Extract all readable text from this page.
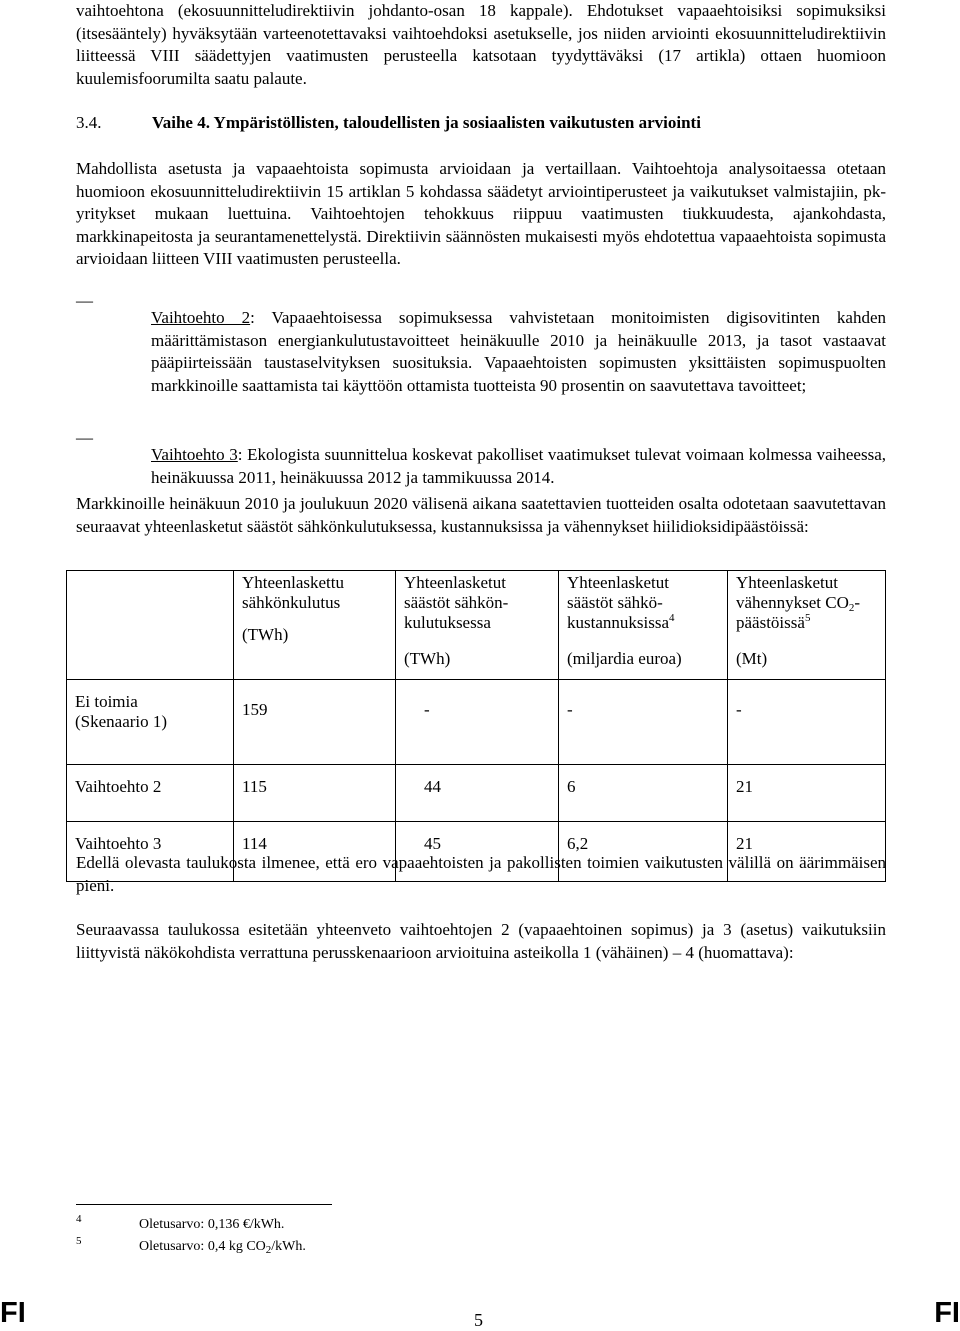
vaihtoehtona (ekosuunnitteludirektiivin johdanto-osan 18 kappale). Ehdotukset vapaaehtoisiksi sopimuksiksi (itsesääntely) hyväksytään varteenotettavaksi vaihtoehdoksi asetukselle, jos niiden arviointi ekosuunnitteludirektiivin liitteessä VIII säädettyjen vaatimusten perusteella katsotaan tyydyttäväksi (17 artikla) ottaen huomioon kuulemisfoorumilta saatu palaute.

3.4.	Vaihe 4. Ympäristöllisten, taloudellisten ja sosiaalisten vaikutusten arviointi

Mahdollista asetusta ja vapaaehtoista sopimusta arvioidaan ja vertaillaan. Vaihtoehtoja analysoitaessa otetaan huomioon ekosuunnitteludirektiivin 15 artiklan 5 kohdassa säädetyt arviointiperusteet ja vaikutukset valmistajiin, pk-yritykset mukaan luettuina. Vaihtoehtojen tehokkuus riippuu vaatimusten tiukkuudesta, ajankohdasta, markkinapeitosta ja seurantamenettelystä. Direktiivin säännösten mukaisesti myös ehdotettua vapaaehtoista sopimusta arvioidaan liitteen VIII vaatimusten perusteella.

—

Vaihtoehto 2: Vapaaehtoisessa sopimuksessa vahvistetaan monitoimisten digisovitinten kahden määrittämistason energiankulutustavoitteet heinäkuulle 2010 ja heinäkuulle 2013, ja tasot vastaavat pääpiirteissään taustaselvityksen suosituksia. Vapaaehtoisten sopimusten yksittäisten sopimuspuolten markkinoille saattamista tai käyttöön ottamista tuotteista 90 prosentin on saavutettava tavoitteet;

—

Vaihtoehto 3: Ekologista suunnittelua koskevat pakolliset vaatimukset tulevat voimaan kolmessa vaiheessa, heinäkuussa 2011, heinäkuussa 2012 ja tammikuussa 2014.

Markkinoille heinäkuun 2010 ja joulukuun 2020 välisenä aikana saatettavien tuotteiden osalta odotetaan saavutettavan seuraavat yhteenlasketut säästöt sähkönkulutuksessa, kustannuksissa ja vähennykset hiilidioksidipäästöissä:

Edellä olevasta taulukosta ilmenee, että ero vapaaehtoisten ja pakollisten toimien vaikutusten välillä on äärimmäisen pieni.

Seuraavassa taulukossa esitetään yhteenveto vaihtoehtojen 2 (vapaaehtoinen sopimus) ja 3 (asetus) vaikutuksiin liittyvistä näkökohdista verrattuna perusskenaarioon arvioituina asteikolla 1 (vähäinen) – 4 (huomattava):

	Yhteenlaskettu
sähkönkulutus
(TWh)	Yhteenlasketut
säästöt sähkön-
kulutuksessa
(TWh)	Yhteenlasketut
säästöt sähkö-
kustannuksissa$^4$
(miljardia euroa)	Yhteenlasketut
vähennykset $CO_2-$
päästöissä$^5$
(Mt)

Ei toimia
(Skenaario 1)	159	-	-	-
Vaihtoehto 2	115	44	6	21
Vaihtoehto 3	114	45	6,2	21
4	Oletusarvo: 0,136 €/kWh.
5	Oletusarvo: 0,4 kg $CO_2$/kWh.
FI	5	FI
